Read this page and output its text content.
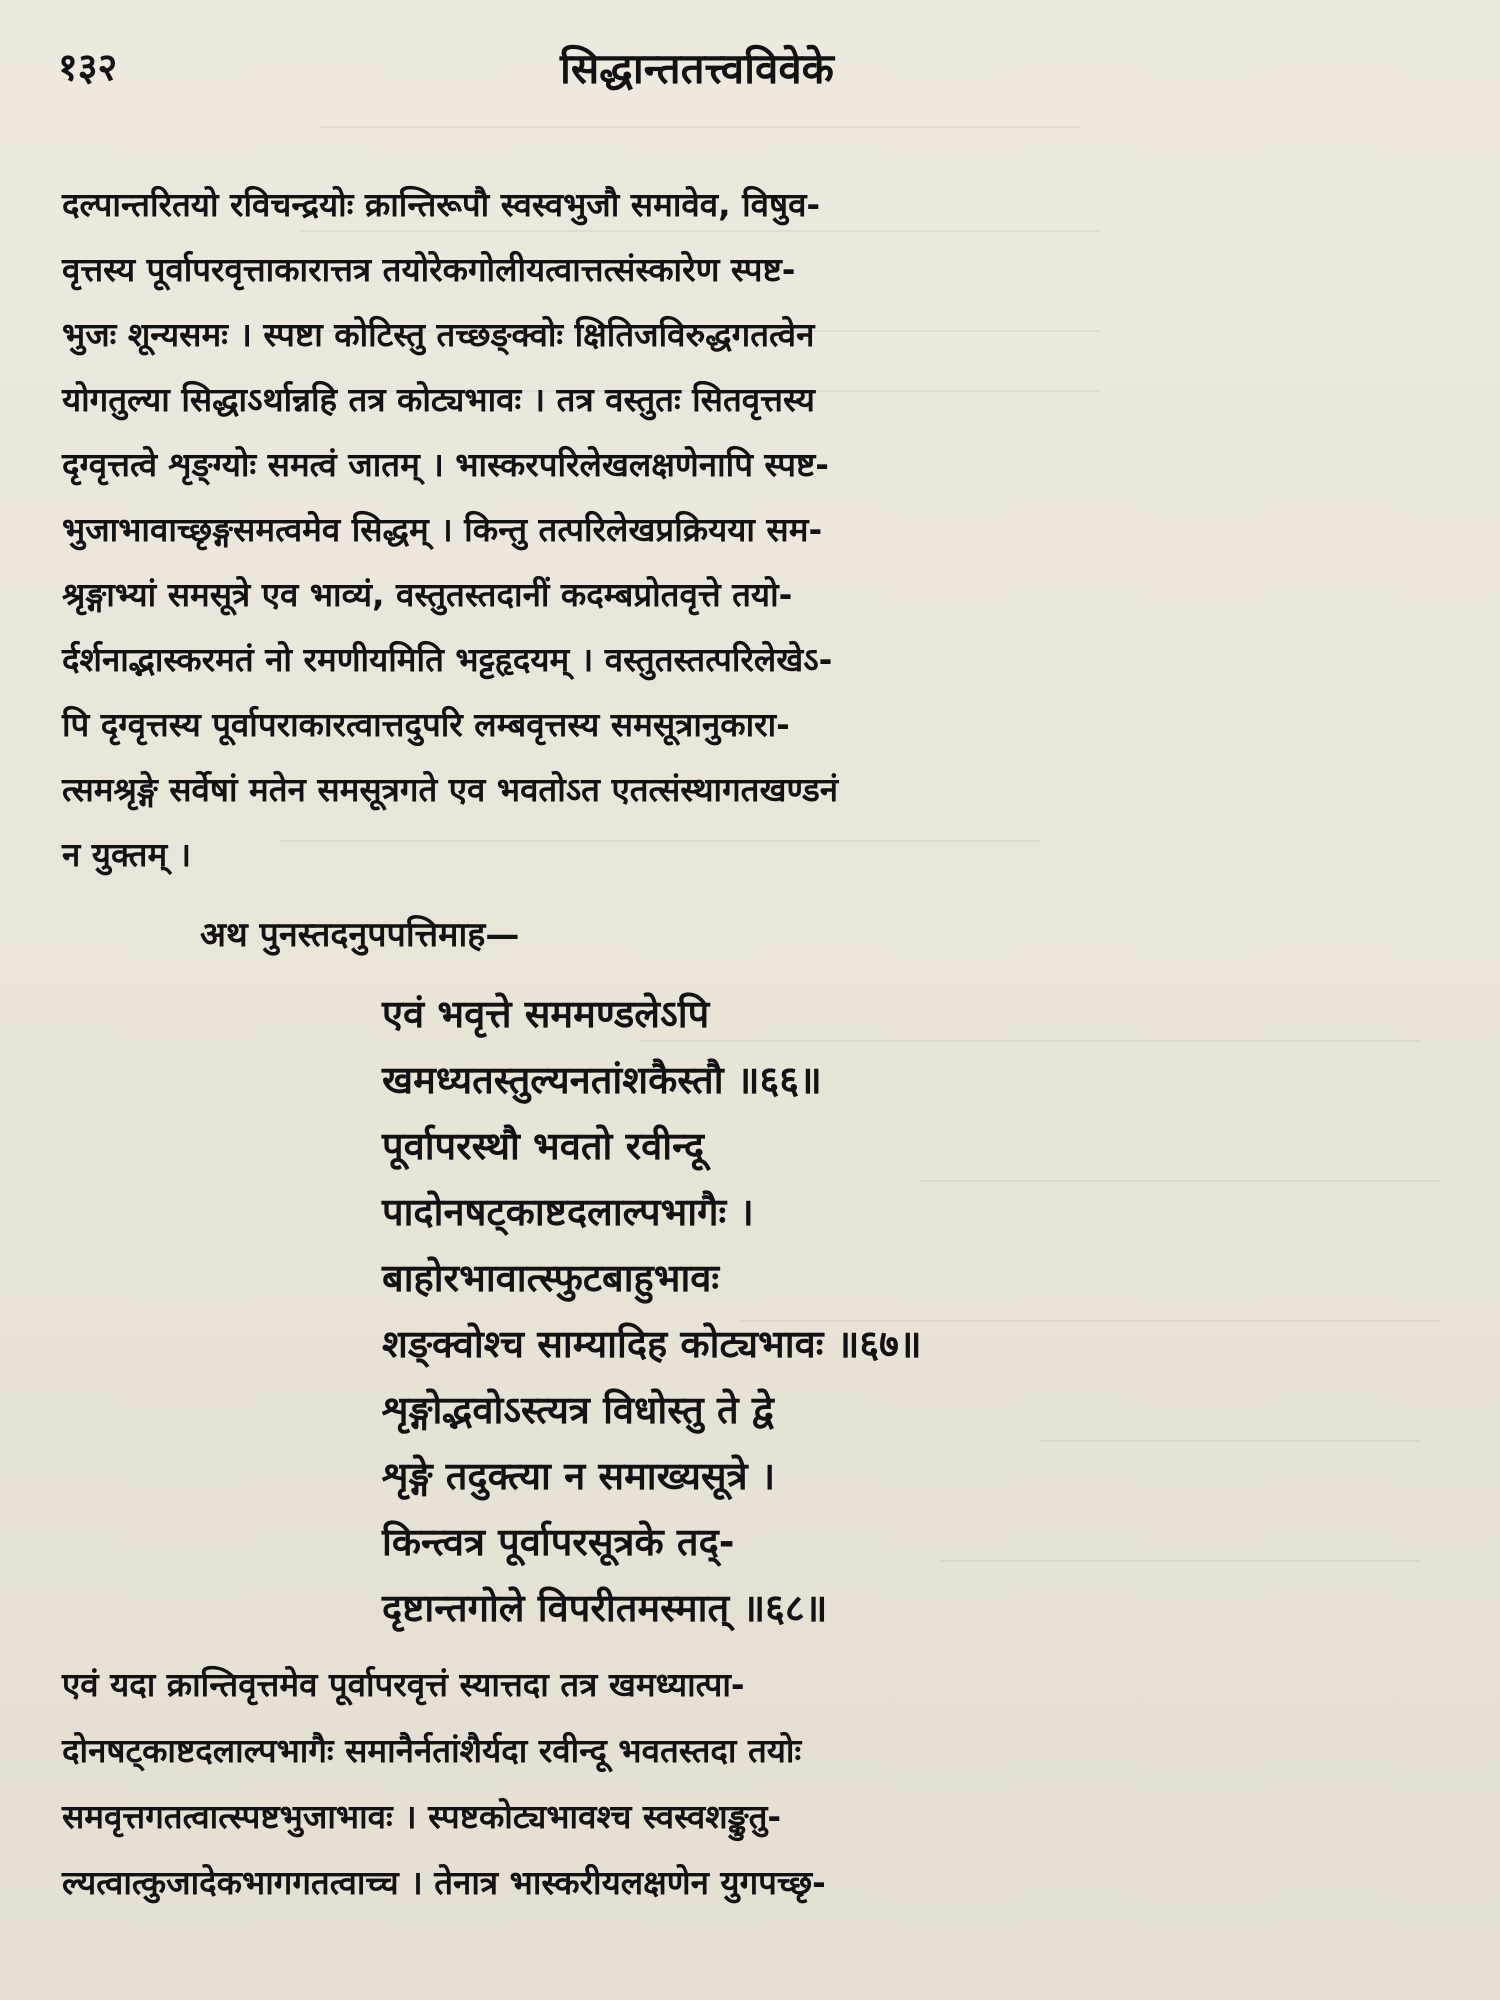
१३२	सिद्धान्ततत्त्वविवेके
दल्पान्तरितयो रविचन्द्रयोः क्रान्तिरूपौ स्वस्वभुजौ समावेव, विषुव-
वृत्तस्य पूर्वापरवृत्ताकारात्तत्र तयोरेकगोलीयत्वात्तत्संस्कारेण स्पष्ट-
भुजः शून्यसमः । स्पष्टा कोटिस्तु तच्छङ्क्वोः क्षितिजविरुद्धगतत्वेन
योगतुल्या सिद्धाऽर्थान्नहि तत्र कोट्यभावः । तत्र वस्तुतः सितवृत्तस्य
दृग्वृत्तत्वे शृङ्ग्योः समत्वं जातम् । भास्करपरिलेखलक्षणेनापि स्पष्ट-
भुजाभावाच्छृङ्गसमत्वमेव सिद्धम् । किन्तु तत्परिलेखप्रक्रियया सम-
श्रृङ्गाभ्यां समसूत्रे एव भाव्यं, वस्तुतस्तदानीं कदम्बप्रोतवृत्ते तयो-
र्दर्शनाद्भास्करमतं नो रमणीयमिति भट्टहृदयम् । वस्तुतस्तत्परिलेखेऽ-
पि दृग्वृत्तस्य पूर्वापराकारत्वात्तदुपरि लम्बवृत्तस्य समसूत्रानुकारा-
त्समश्रृङ्गे सर्वेषां मतेन समसूत्रगते एव भवतोऽत एतत्संस्थागतखण्डनं
न युक्तम् ।
अथ पुनस्तदनुपपत्तिमाह—
एवं भवृत्ते सममण्डलेऽपि
खमध्यतस्तुल्यनतांशकैस्तौ ॥६६॥
पूर्वापरस्थौ भवतो रवीन्दू
पादोनषट्काष्टदलाल्पभागैः ।
बाहोरभावात्स्फुटबाहुभावः
शङ्क्वोश्च साम्यादिह कोट्यभावः ॥६७॥
शृङ्गोद्भवोऽस्त्यत्र विधोस्तु ते द्वे
शृङ्गे तदुक्त्या न समाख्यसूत्रे ।
किन्त्वत्र पूर्वापरसूत्रके तद्-
दृष्टान्तगोले विपरीतमस्मात् ॥६८॥
एवं यदा क्रान्तिवृत्तमेव पूर्वापरवृत्तं स्यात्तदा तत्र खमध्यात्पा-
दोनषट्काष्टदलाल्पभागैः समानैर्नतांशैर्यदा रवीन्दू भवतस्तदा तयोः
समवृत्तगतत्वात्स्पष्टभुजाभावः । स्पष्टकोट्यभावश्च स्वस्वशङ्कुतु-
ल्यत्वात्कुजादेकभागगतत्वाच्च । तेनात्र भास्करीयलक्षणेन युगपच्छृ-
